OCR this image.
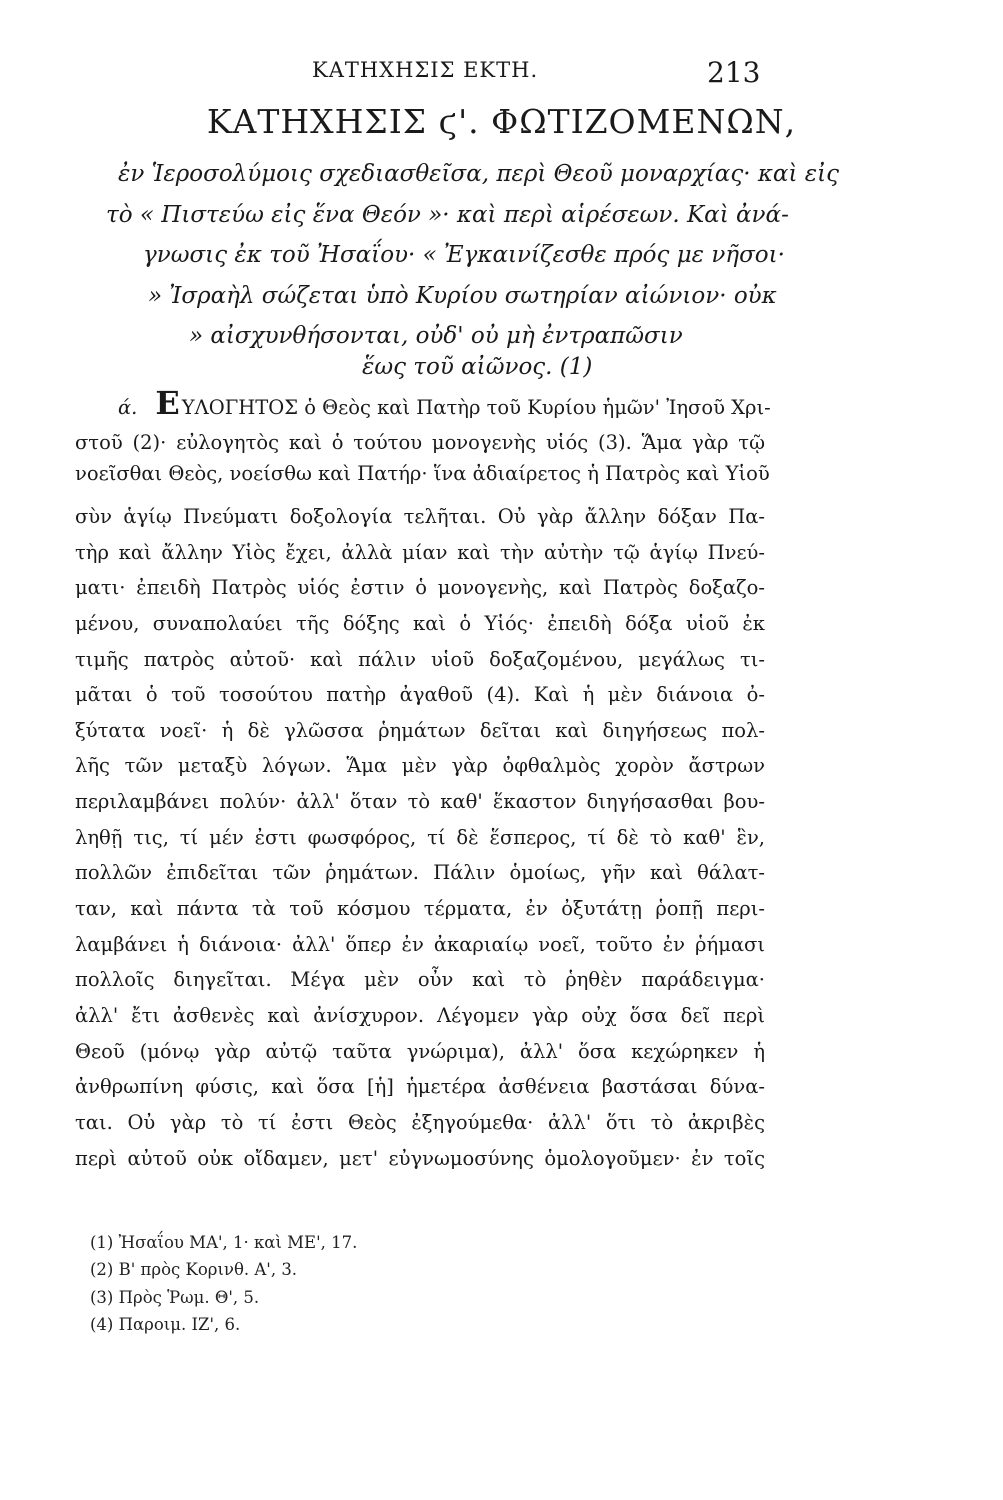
ΚΑΤΗΧΗΣΙΣ ΕΚΤΗ.	213
ΚΑΤΗΧΗΣΙΣ ϛ'. ΦΩΤΙΖΟΜΕΝΩΝ,
ἐν Ἱεροσολύμοις σχεδιασθεῖσα, περὶ Θεοῦ μοναρχίας· καὶ εἰς
τὸ « Πιστεύω εἰς ἕνα Θεόν »· καὶ περὶ αἱρέσεων. Καὶ ἀνά-
γνωσις ἐκ τοῦ Ἠσαΐου· « Ἐγκαινίζεσθε πρός με νῆσοι·
» Ἰσραὴλ σώζεται ὑπὸ Κυρίου σωτηρίαν αἰώνιον· οὐκ
» αἰσχυνθήσονται, οὐδ' οὐ μὴ ἐντραπῶσιν
ἕως τοῦ αἰῶνος. (1)
ά. Ε ΥΛΟΓΗΤΟΣ ὁ Θεὸς καὶ Πατὴρ τοῦ Κυρίου ἡμῶν' Ἰησοῦ Χρι-
στοῦ (2)· εὐλογητὸς καὶ ὁ τούτου μονογενὴς υἱός (3). Ἅμα γὰρ τῷ
νοεῖσθαι Θεὸς, νοείσθω καὶ Πατήρ· ἵνα ἀδιαίρετος ἡ Πατρὸς καὶ Υἱοῦ
σὺν ἁγίῳ Πνεύματι δοξολογία τελῆται. Οὐ γὰρ ἄλλην δόξαν Πα-
τὴρ καὶ ἄλλην Υἱὸς ἔχει, ἀλλὰ μίαν καὶ τὴν αὐτὴν τῷ ἁγίῳ Πνεύ-
ματι· ἐπειδὴ Πατρὸς υἱός ἐστιν ὁ μονογενὴς, καὶ Πατρὸς δοξαζο-
μένου, συναπολαύει τῆς δόξης καὶ ὁ Υἱός· ἐπειδὴ δόξα υἱοῦ ἐκ
τιμῆς πατρὸς αὐτοῦ· καὶ πάλιν υἱοῦ δοξαζομένου, μεγάλως τι-
μᾶται ὁ τοῦ τοσούτου πατὴρ ἀγαθοῦ (4). Καὶ ἡ μὲν διάνοια ὀ-
ξύτατα νοεῖ· ἡ δὲ γλῶσσα ῥημάτων δεῖται καὶ διηγήσεως πολ-
λῆς τῶν μεταξὺ λόγων. Ἅμα μὲν γὰρ ὀφθαλμὸς χορὸν ἄστρων
περιλαμβάνει πολύν· ἀλλ' ὅταν τὸ καθ' ἕκαστον διηγήσασθαι βου-
ληθῇ τις, τί μέν ἐστι φωσφόρος, τί δὲ ἕσπερος, τί δὲ τὸ καθ' ἓν,
πολλῶν ἐπιδεῖται τῶν ῥημάτων. Πάλιν ὁμοίως, γῆν καὶ θάλατ-
ταν, καὶ πάντα τὰ τοῦ κόσμου τέρματα, ἐν ὀξυτάτῃ ῥοπῇ περι-
λαμβάνει ἡ διάνοια· ἀλλ' ὅπερ ἐν ἀκαριαίῳ νοεῖ, τοῦτο ἐν ῥήμασι
πολλοῖς διηγεῖται. Μέγα μὲν οὖν καὶ τὸ ῥηθὲν παράδειγμα·
ἀλλ' ἔτι ἀσθενὲς καὶ ἀνίσχυρον. Λέγομεν γὰρ οὐχ ὅσα δεῖ περὶ
Θεοῦ (μόνῳ γὰρ αὐτῷ ταῦτα γνώριμα), ἀλλ' ὅσα κεχώρηκεν ἡ
ἀνθρωπίνη φύσις, καὶ ὅσα [ἡ] ἡμετέρα ἀσθένεια βαστάσαι δύνα-
ται. Οὐ γὰρ τὸ τί ἐστι Θεὸς ἐξηγούμεθα· ἀλλ' ὅτι τὸ ἀκριβὲς
περὶ αὐτοῦ οὐκ οἴδαμεν, μετ' εὐγνωμοσύνης ὁμολογοῦμεν· ἐν τοῖς
(1) Ἠσαΐου ΜΑ', 1· καὶ ΜΕ', 17.
(2) Β' πρὸς Κορινθ. Α', 3.
(3) Πρὸς Ῥωμ. Θ', 5.
(4) Παροιμ. ΙΖ', 6.
